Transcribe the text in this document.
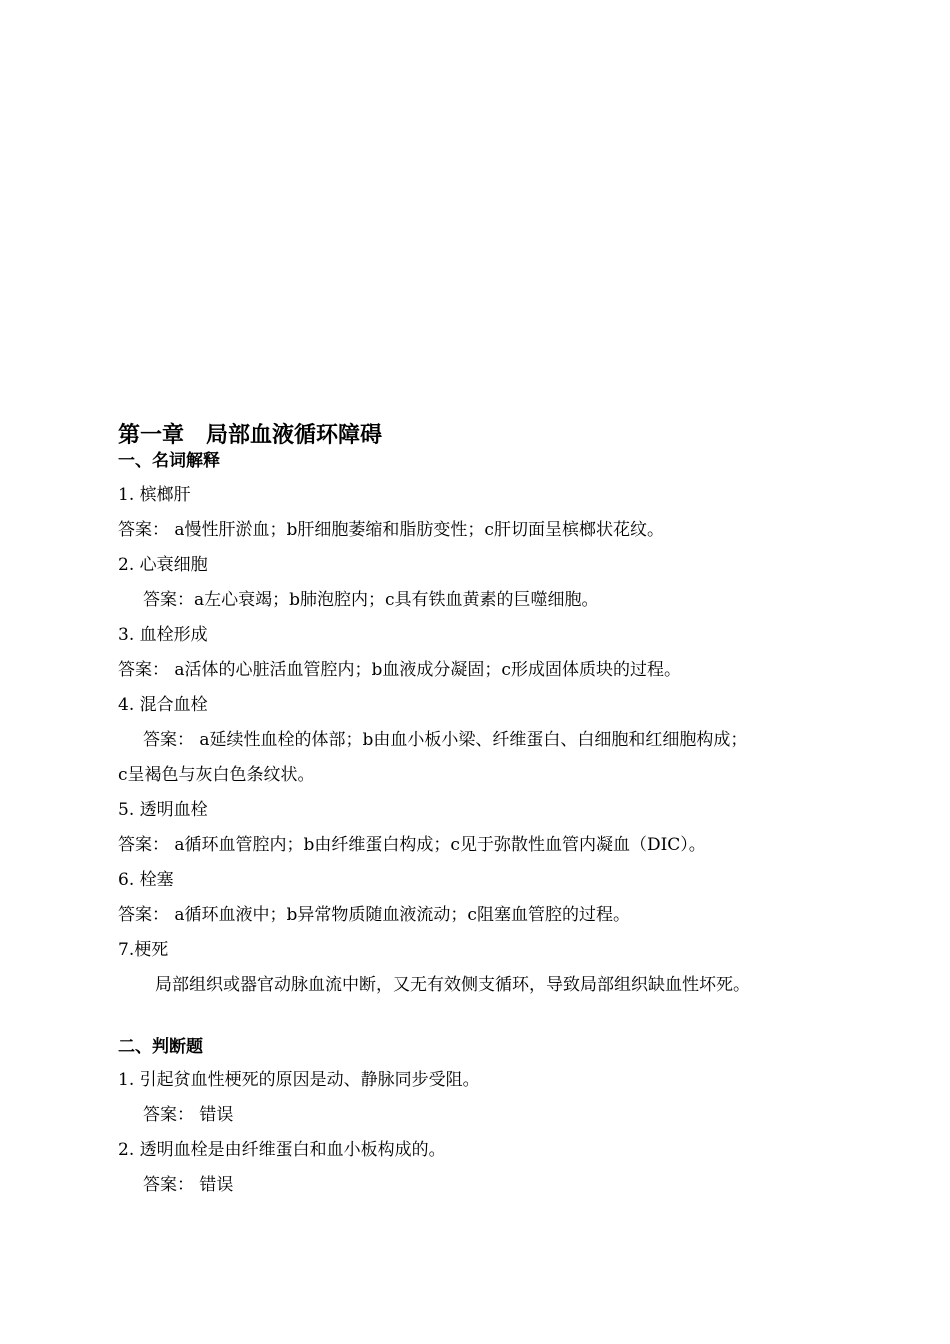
第一章　局部血液循环障碍
一、名词解释
1. 槟榔肝
答案： a慢性肝淤血；b肝细胞萎缩和脂肪变性；c肝切面呈槟榔状花纹。
2. 心衰细胞
答案：a左心衰竭；b肺泡腔内；c具有铁血黄素的巨噬细胞。
3. 血栓形成
答案： a活体的心脏活血管腔内；b血液成分凝固；c形成固体质块的过程。
4. 混合血栓
答案： a延续性血栓的体部；b由血小板小梁、纤维蛋白、白细胞和红细胞构成；
c呈褐色与灰白色条纹状。
5. 透明血栓
答案： a循环血管腔内；b由纤维蛋白构成；c见于弥散性血管内凝血（DIC）。
6. 栓塞
答案： a循环血液中；b异常物质随血液流动；c阻塞血管腔的过程。
7.梗死
局部组织或器官动脉血流中断，又无有效侧支循环，导致局部组织缺血性坏死。
二、判断题
1. 引起贫血性梗死的原因是动、静脉同步受阻。
答案： 错误
2. 透明血栓是由纤维蛋白和血小板构成的。
答案： 错误
